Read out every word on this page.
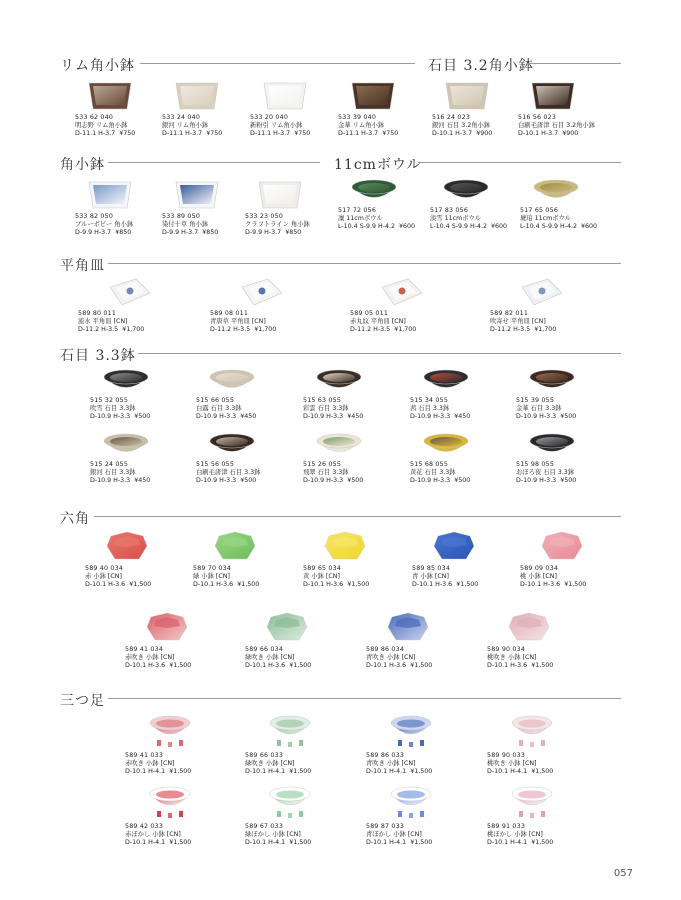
リム角小鉢	石目 3.2角小鉢
角小鉢	11cmボウル
平角皿
石目 3.3鉢
六角
三つ足
533 62 040
明志野 リム角小鉢
D-11.1 H-3.7 ¥750
533 24 040
銀河 リム角小鉢
D-11.1 H-3.7 ¥750
533 20 040
新粉引 リム角小鉢
D-11.1 H-3.7 ¥750
533 39 040
金華 リム角小鉢
D-11.1 H-3.7 ¥750
516 24 023
銀河 石目 3.2角小鉢
D-10.1 H-3.7 ¥900
516 56 023
白刷毛唐津 石目 3.2角小鉢
D-10.1 H-3.7 ¥900
533 82 050
ブルーボビー 角小鉢
D-9.9 H-3.7 ¥850
533 89 050
染付十草 角小鉢
D-9.9 H-3.7 ¥850
533 23 050
クラフトライン 角小鉢
D-9.9 H-3.7 ¥850
517 72 056
凜 11cmボウル
L-10.4 S-9.9 H-4.2 ¥600
517 83 056
淡雪 11cmボウル
L-10.4 S-9.9 H-4.2 ¥600
517 65 056
琥珀 11cmボウル
L-10.4 S-9.9 H-4.2 ¥600
589 80 011
流水 平角皿 [CN]
D-11.2 H-3.5 ¥1,700
589 08 011
青唐草 平角皿 [CN]
D-11.2 H-3.5 ¥1,700
589 05 011
赤丸紋 平角皿 [CN]
D-11.2 H-3.5 ¥1,700
589 82 011
吹寄せ 平角皿 [CN]
D-11.2 H-3.5 ¥1,700
515 32 055
吹雪 石目 3.3鉢
D-10.9 H-3.3 ¥500
515 66 055
白露 石目 3.3鉢
D-10.9 H-3.3 ¥450
515 63 055
彩雲 石目 3.3鉢
D-10.9 H-3.3 ¥450
515 34 055
茜 石目 3.3鉢
D-10.9 H-3.3 ¥450
515 39 055
金華 石目 3.3鉢
D-10.9 H-3.3 ¥500
515 24 055
銀河 石目 3.3鉢
D-10.9 H-3.3 ¥450
515 56 055
白刷毛唐津 石目 3.3鉢
D-10.9 H-3.3 ¥500
515 26 055
飛翠 石目 3.3鉢
D-10.9 H-3.3 ¥500
515 68 055
黄花 石目 3.3鉢
D-10.9 H-3.3 ¥500
515 98 055
おぼろ夜 石目 3.3鉢
D-10.9 H-3.3 ¥500
589 40 034
赤 小鉢 [CN]
D-10.1 H-3.6 ¥1,500
589 70 034
緑 小鉢 [CN]
D-10.1 H-3.6 ¥1,500
589 65 034
黄 小鉢 [CN]
D-10.1 H-3.6 ¥1,500
589 85 034
青 小鉢 [CN]
D-10.1 H-3.6 ¥1,500
589 09 034
桃 小鉢 [CN]
D-10.1 H-3.6 ¥1,500
589 41 034
赤吹き 小鉢 [CN]
D-10.1 H-3.6 ¥1,500
589 66 034
緑吹き 小鉢 [CN]
D-10.1 H-3.6 ¥1,500
589 86 034
青吹き 小鉢 [CN]
D-10.1 H-3.6 ¥1,500
589 90 034
桃吹き 小鉢 [CN]
D-10.1 H-3.6 ¥1,500
589 41 033
赤吹き 小鉢 [CN]
D-10.1 H-4.1 ¥1,500
589 66 033
緑吹き 小鉢 [CN]
D-10.1 H-4.1 ¥1,500
589 86 033
青吹き 小鉢 [CN]
D-10.1 H-4.1 ¥1,500
589 90 033
桃吹き 小鉢 [CN]
D-10.1 H-4.1 ¥1,500
589 42 033
赤ぼかし 小鉢 [CN]
D-10.1 H-4.1 ¥1,500
589 67 033
緑ぼかし 小鉢 [CN]
D-10.1 H-4.1 ¥1,500
589 87 033
青ぼかし 小鉢 [CN]
D-10.1 H-4.1 ¥1,500
589 91 033
桃ぼかし 小鉢 [CN]
D-10.1 H-4.1 ¥1,500
057
